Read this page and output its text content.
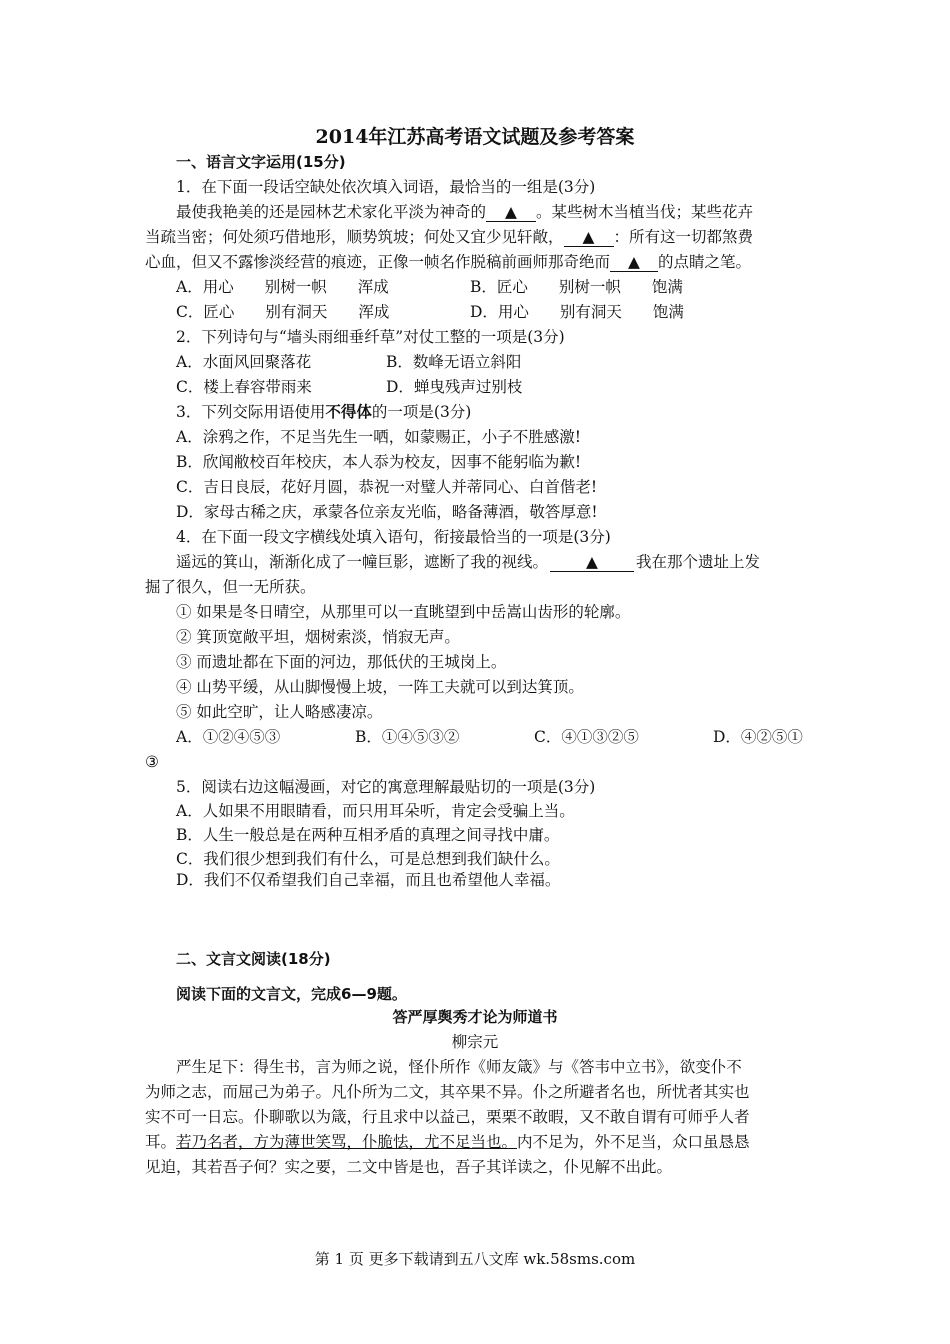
2014年江苏高考语文试题及参考答案
一、语言文字运用(15分)
1．在下面一段话空缺处依次填入词语，最恰当的一组是(3分)
最使我艳美的还是园林艺术家化平淡为神奇的 ▲ 。某些树木当植当伐；某些花卉
当疏当密；何处须巧借地形，顺势筑坡；何处又宜少见轩敞， ▲ ：所有这一切都煞费
心血，但又不露惨淡经营的痕迹，正像一帧名作脱稿前画师那奇绝而 ▲ 的点睛之笔。
A．用心　　别树一帜　　浑成	B．匠心　　别树一帜　　饱满
C．匠心　　别有洞天　　浑成	D．用心　　别有洞天　　饱满
2．下列诗句与“墙头雨细垂纤草”对仗工整的一项是(3分)
A．水面风回聚落花	B．数峰无语立斜阳
C．楼上春容带雨来	D．蝉曳残声过别枝
3．下列交际用语使用不得体的一项是(3分)
A．涂鸦之作，不足当先生一哂，如蒙赐正，小子不胜感激!
B．欣闻敝校百年校庆，本人忝为校友，因事不能躬临为歉!
C．吉日良辰，花好月圆，恭祝一对璧人并蒂同心、白首偕老!
D．家母古稀之庆，承蒙各位亲友光临，略备薄酒，敬答厚意!
4．在下面一段文字横线处填入语句，衔接最恰当的一项是(3分)
遥远的箕山，渐渐化成了一幢巨影，遮断了我的视线。 ▲ 我在那个遗址上发
掘了很久，但一无所获。
① 如果是冬日晴空，从那里可以一直眺望到中岳嵩山齿形的轮廓。
② 箕顶宽敞平坦，烟树索淡，悄寂无声。
③ 而遗址都在下面的河边，那低伏的王城岗上。
④ 山势平缓，从山脚慢慢上坡，一阵工夫就可以到达箕顶。
⑤ 如此空旷，让人略感凄凉。
A．①②④⑤③	B．①④⑤③②	C．④①③②⑤	D．④②⑤①
③
5．阅读右边这幅漫画，对它的寓意理解最贴切的一项是(3分)
A．人如果不用眼睛看，而只用耳朵听，肯定会受骗上当。
B．人生一般总是在两种互相矛盾的真理之间寻找中庸。
C．我们很少想到我们有什么，可是总想到我们缺什么。
D．我们不仅希望我们自己幸福，而且也希望他人幸福。
二、文言文阅读(18分)
阅读下面的文言文，完成6—9题。
答严厚舆秀才论为师道书
柳宗元
严生足下：得生书，言为师之说，怪仆所作《师友箴》与《答韦中立书》，欲变仆不
为师之志，而屈己为弟子。凡仆所为二文，其卒果不异。仆之所避者名也，所忧者其实也
实不可一日忘。仆聊歌以为箴，行且求中以益己，栗栗不敢暇，又不敢自谓有可师乎人者
耳。若乃名者，方为薄世笑骂，仆脆怯，尤不足当也。内不足为，外不足当，众口虽恳恳
见迫，其若吾子何？实之要，二文中皆是也，吾子其详读之，仆见解不出此。
第 1 页 更多下载请到五八文库 wk.58sms.com
